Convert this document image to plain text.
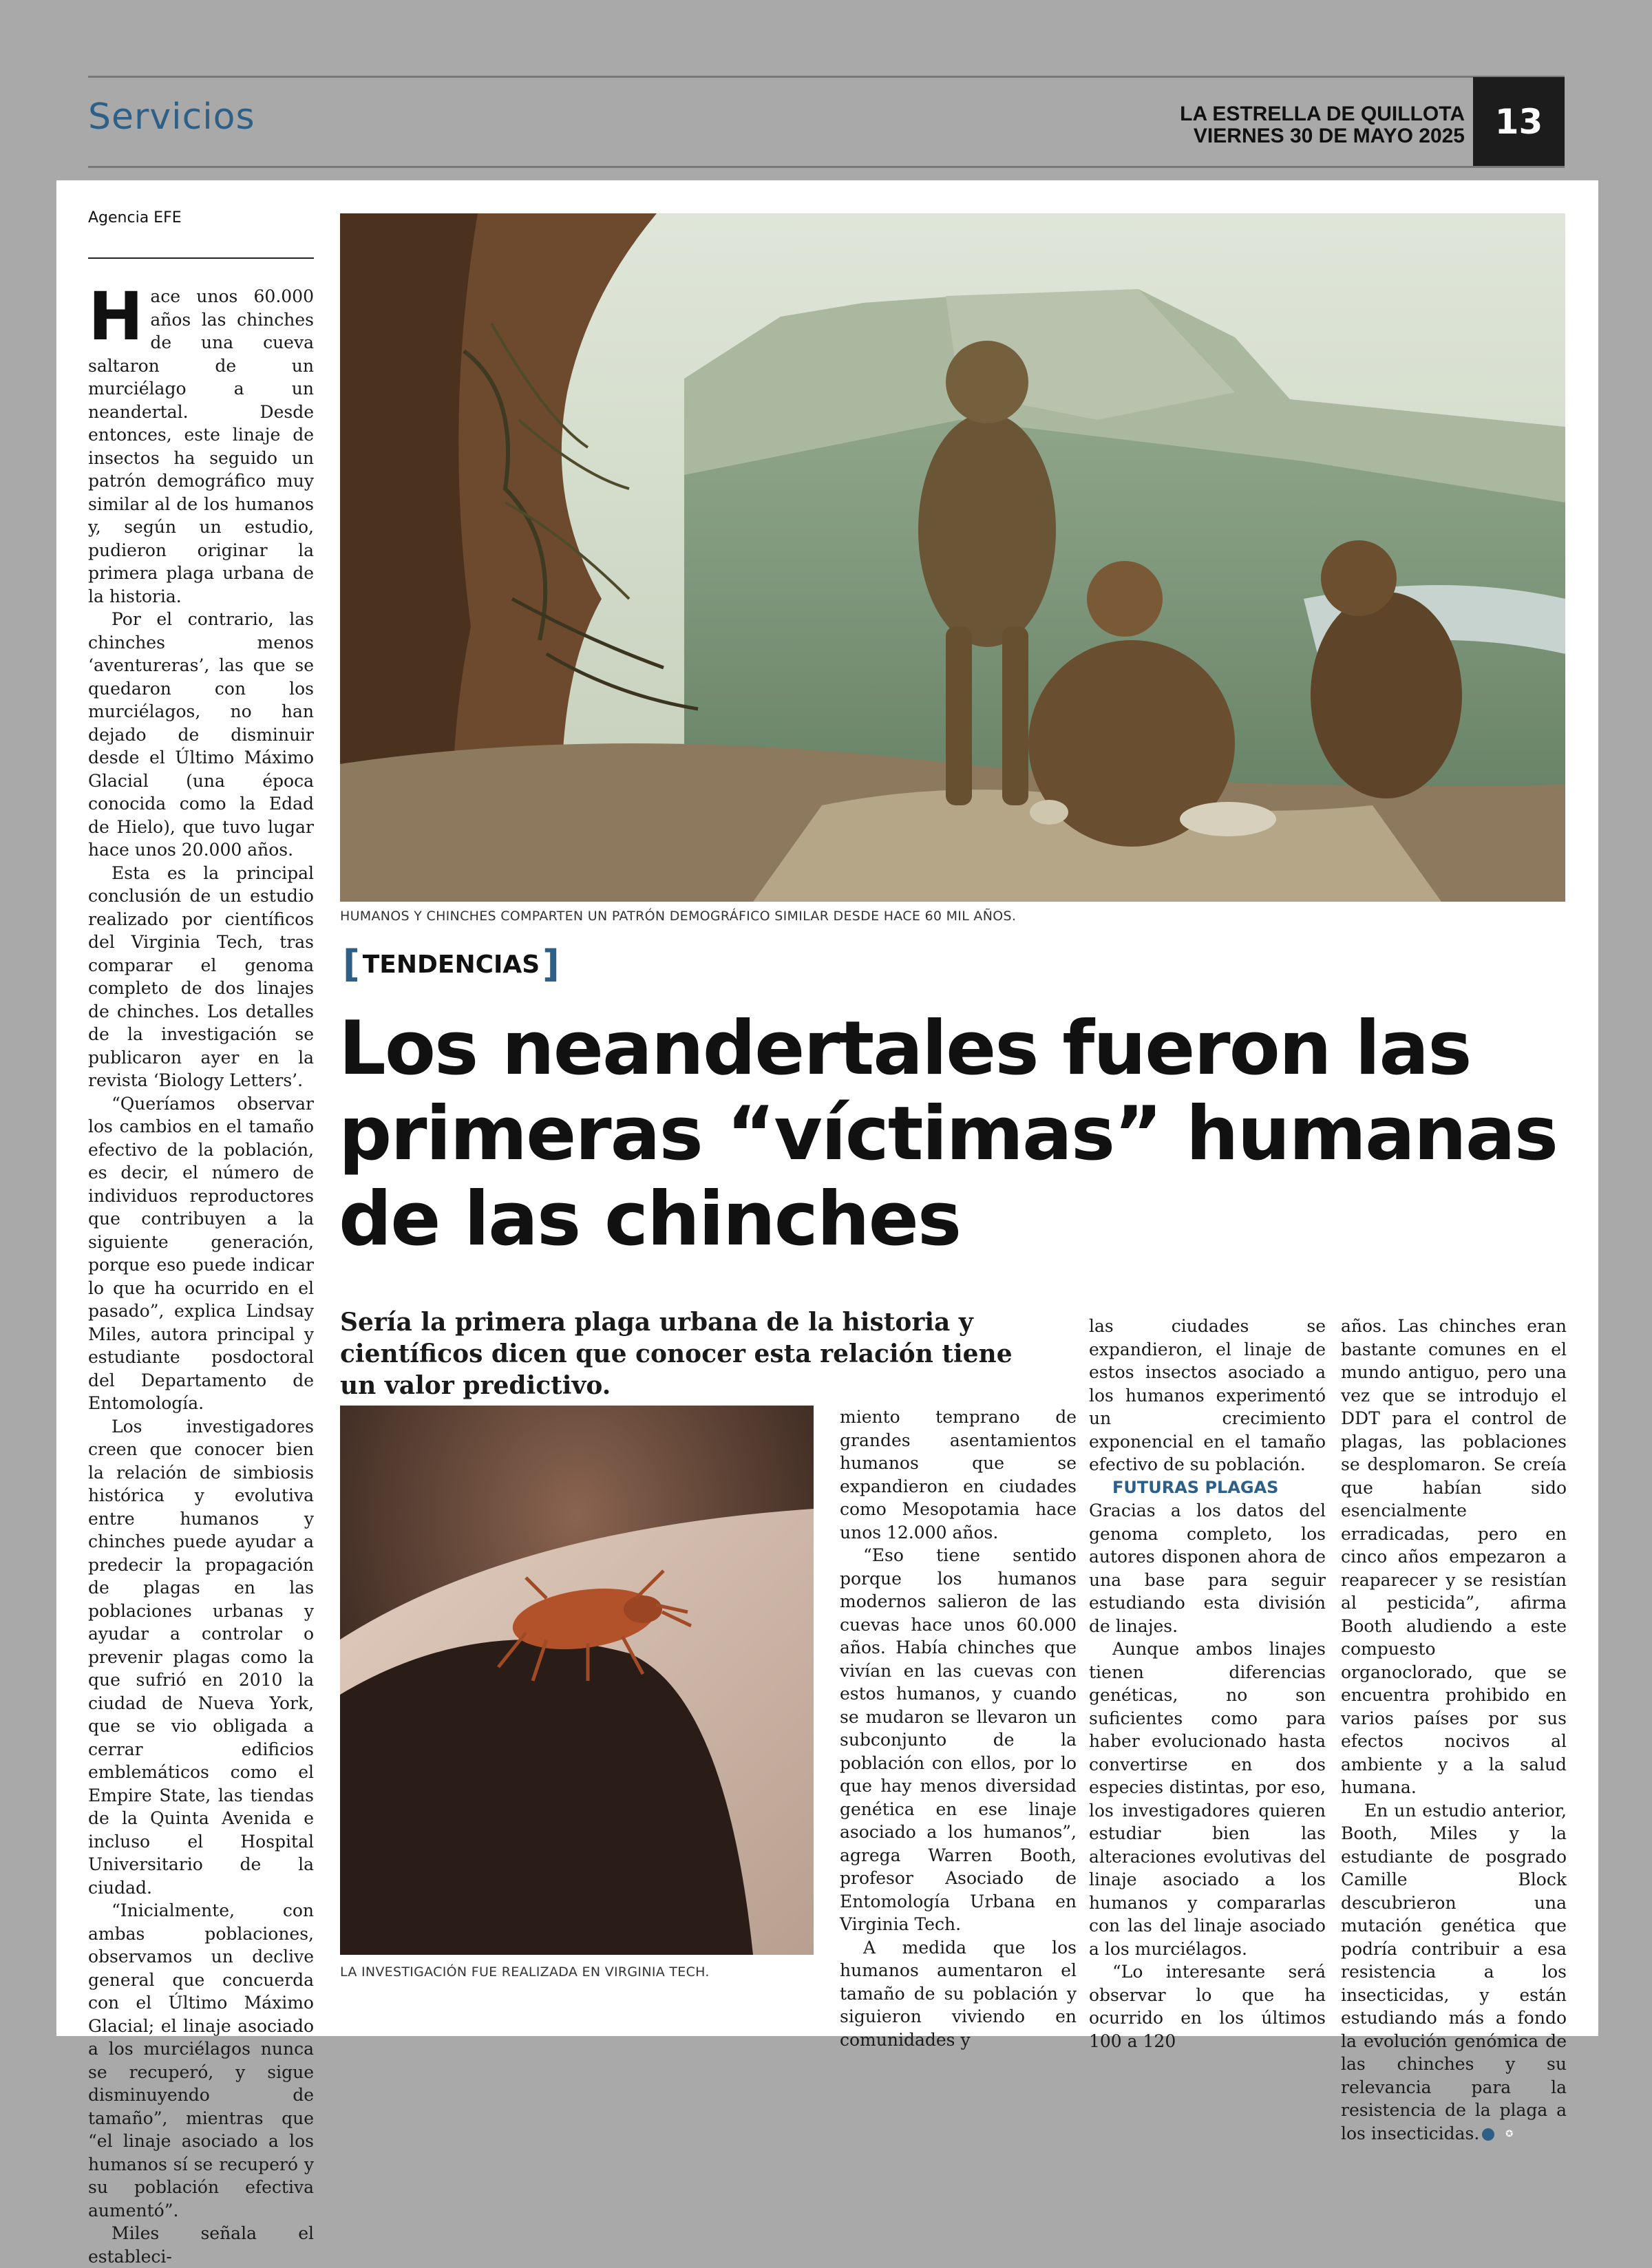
Servicios	LA ESTRELLA DE QUILLOTA
VIERNES 30 DE MAYO 2025 13
Agencia EFE

Hace unos 60.000 años las chinches de una cueva saltaron de un murciélago a un neandertal. Desde entonces, este linaje de insectos ha seguido un patrón demográfico muy similar al de los humanos y, según un estudio, pudieron originar la primera plaga urbana de la historia.

Por el contrario, las chinches menos ‘aventureras’, las que se quedaron con los murciélagos, no han dejado de disminuir desde el Último Máximo Glacial (una época conocida como la Edad de Hielo), que tuvo lugar hace unos 20.000 años.

Esta es la principal conclusión de un estudio realizado por científicos del Virginia Tech, tras comparar el genoma completo de dos linajes de chinches. Los detalles de la investigación se publicaron ayer en la revista ‘Biology Letters’.

“Queríamos observar los cambios en el tamaño efectivo de la población, es decir, el número de individuos reproductores que contribuyen a la siguiente generación, porque eso puede indicar lo que ha ocurrido en el pasado”, explica Lindsay Miles, autora principal y estudiante posdoctoral del Departamento de Entomología.

Los investigadores creen que conocer bien la relación de simbiosis histórica y evolutiva entre humanos y chinches puede ayudar a predecir la propagación de plagas en las poblaciones urbanas y ayudar a controlar o prevenir plagas como la que sufrió en 2010 la ciudad de Nueva York, que se vio obligada a cerrar edificios emblemáticos como el Empire State, las tiendas de la Quinta Avenida e incluso el Hospital Universitario de la ciudad.

“Inicialmente, con ambas poblaciones, observamos un declive general que concuerda con el Último Máximo Glacial; el linaje asociado a los murciélagos nunca se recuperó, y sigue disminuyendo de tamaño”, mientras que “el linaje asociado a los humanos sí se recuperó y su población efectiva aumentó”.

Miles señala el estableci-

HUMANOS Y CHINCHES COMPARTEN UN PATRÓN DEMOGRÁFICO SIMILAR DESDE HACE 60 MIL AÑOS.
[ TENDENCIAS ]
Los neandertales fueron las primeras “víctimas” humanas de las chinches
Sería la primera plaga urbana de la historia y científicos dicen que conocer esta relación tiene un valor predictivo.
LA INVESTIGACIÓN FUE REALIZADA EN VIRGINIA TECH.

miento temprano de grandes asentamientos humanos que se expandieron en ciudades como Mesopotamia hace unos 12.000 años.

“Eso tiene sentido porque los humanos modernos salieron de las cuevas hace unos 60.000 años. Había chinches que vivían en las cuevas con estos humanos, y cuando se mudaron se llevaron un subconjunto de la población con ellos, por lo que hay menos diversidad genética en ese linaje asociado a los humanos”, agrega Warren Booth, profesor Asociado de Entomología Urbana en Virginia Tech.

A medida que los humanos aumentaron el tamaño de su población y siguieron viviendo en comunidades y

las ciudades se expandieron, el linaje de estos insectos asociado a los humanos experimentó un crecimiento exponencial en el tamaño efectivo de su población.

FUTURAS PLAGAS

Gracias a los datos del genoma completo, los autores disponen ahora de una base para seguir estudiando esta división de linajes.

Aunque ambos linajes tienen diferencias genéticas, no son suficientes como para haber evolucionado hasta convertirse en dos especies distintas, por eso, los investigadores quieren estudiar bien las alteraciones evolutivas del linaje asociado a los humanos y compararlas con las del linaje asociado a los murciélagos.

“Lo interesante será observar lo que ha ocurrido en los últimos 100 a 120

años. Las chinches eran bastante comunes en el mundo antiguo, pero una vez que se introdujo el DDT para el control de plagas, las poblaciones se desplomaron. Se creía que habían sido esencialmente erradicadas, pero en cinco años empezaron a reaparecer y se resistían al pesticida”, afirma Booth aludiendo a este compuesto organoclorado, que se encuentra prohibido en varios países por sus efectos nocivos al ambiente y a la salud humana.

En un estudio anterior, Booth, Miles y la estudiante de posgrado Camille Block descubrieron una mutación genética que podría contribuir a esa resistencia a los insecticidas, y están estudiando más a fondo la evolución genómica de las chinches y su relevancia para la resistencia de la plaga a los insecticidas.	✪
